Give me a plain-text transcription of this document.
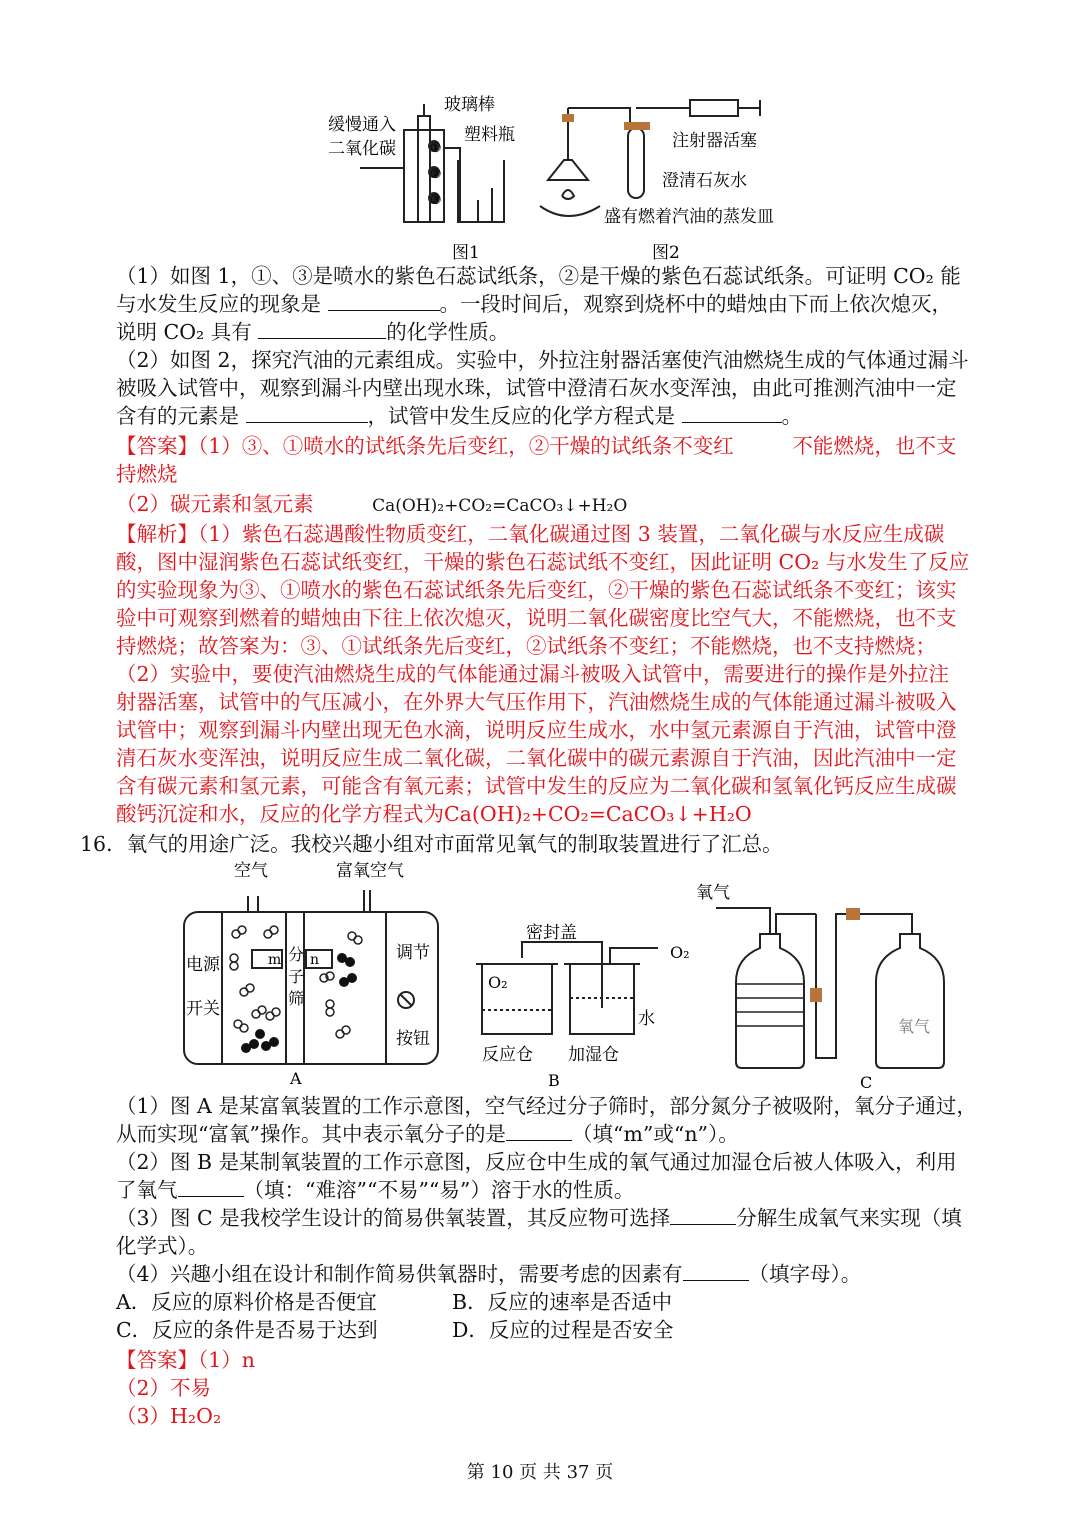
缓慢通入
二氧化碳
玻璃棒
塑料瓶
①
②
③
注射器活塞
澄清石灰水
盛有燃着汽油的蒸发皿
图1	图2
（1）如图 1，①、③是喷水的紫色石蕊试纸条，②是干燥的紫色石蕊试纸条。可证明 CO₂ 能
与水发生反应的现象是	。一段时间后，观察到烧杯中的蜡烛由下而上依次熄灭，
说明 CO₂ 具有	的化学性质。
（2）如图 2，探究汽油的元素组成。实验中，外拉注射器活塞使汽油燃烧生成的气体通过漏斗
被吸入试管中，观察到漏斗内壁出现水珠，试管中澄清石灰水变浑浊，由此可推测汽油中一定
含有的元素是	，试管中发生反应的化学方程式是	。
【答案】（1）③、①喷水的试纸条先后变红，②干燥的试纸条不变红	不能燃烧，也不支
持燃烧
（2）碳元素和氢元素	Ca(OH)₂+CO₂=CaCO₃↓+H₂O
【解析】（1）紫色石蕊遇酸性物质变红，二氧化碳通过图 3 装置，二氧化碳与水反应生成碳
酸，图中湿润紫色石蕊试纸变红，干燥的紫色石蕊试纸不变红，因此证明 CO₂ 与水发生了反应
的实验现象为③、①喷水的紫色石蕊试纸条先后变红，②干燥的紫色石蕊试纸条不变红；该实
验中可观察到燃着的蜡烛由下往上依次熄灭，说明二氧化碳密度比空气大，不能燃烧，也不支
持燃烧；故答案为：③、①试纸条先后变红，②试纸条不变红；不能燃烧，也不支持燃烧；
（2）实验中，要使汽油燃烧生成的气体能通过漏斗被吸入试管中，需要进行的操作是外拉注
射器活塞，试管中的气压减小，在外界大气压作用下，汽油燃烧生成的气体能通过漏斗被吸入
试管中；观察到漏斗内壁出现无色水滴，说明反应生成水，水中氢元素源自于汽油，试管中澄
清石灰水变浑浊，说明反应生成二氧化碳，二氧化碳中的碳元素源自于汽油，因此汽油中一定
含有碳元素和氢元素，可能含有氧元素；试管中发生的反应为二氧化碳和氢氧化钙反应生成碳
酸钙沉淀和水，反应的化学方程式为Ca(OH)₂+CO₂=CaCO₃↓+H₂O
16．氧气的用途广泛。我校兴趣小组对市面常见氧气的制取装置进行了汇总。
空气	富氧空气
电源
开关
分
子
筛
调节
按钮
m n
A
密封盖
O₂
O₂
水
反应仓 加湿仓
B
氧气
氧气
C
（1）图 A 是某富氧装置的工作示意图，空气经过分子筛时，部分氮分子被吸附，氧分子通过，
从而实现“富氧”操作。其中表示氧分子的是	（填“m”或“n”）。
（2）图 B 是某制氧装置的工作示意图，反应仓中生成的氧气通过加湿仓后被人体吸入，利用
了氧气	（填：“难溶”“不易”“易”）溶于水的性质。
（3）图 C 是我校学生设计的简易供氧装置，其反应物可选择	分解生成氧气来实现（填
化学式）。
（4）兴趣小组在设计和制作简易供氧器时，需要考虑的因素有	（填字母）。
A．反应的原料价格是否便宜	B．反应的速率是否适中
C．反应的条件是否易于达到	D．反应的过程是否安全
【答案】（1）n
（2）不易
（3）H₂O₂
第 10 页 共 37 页
